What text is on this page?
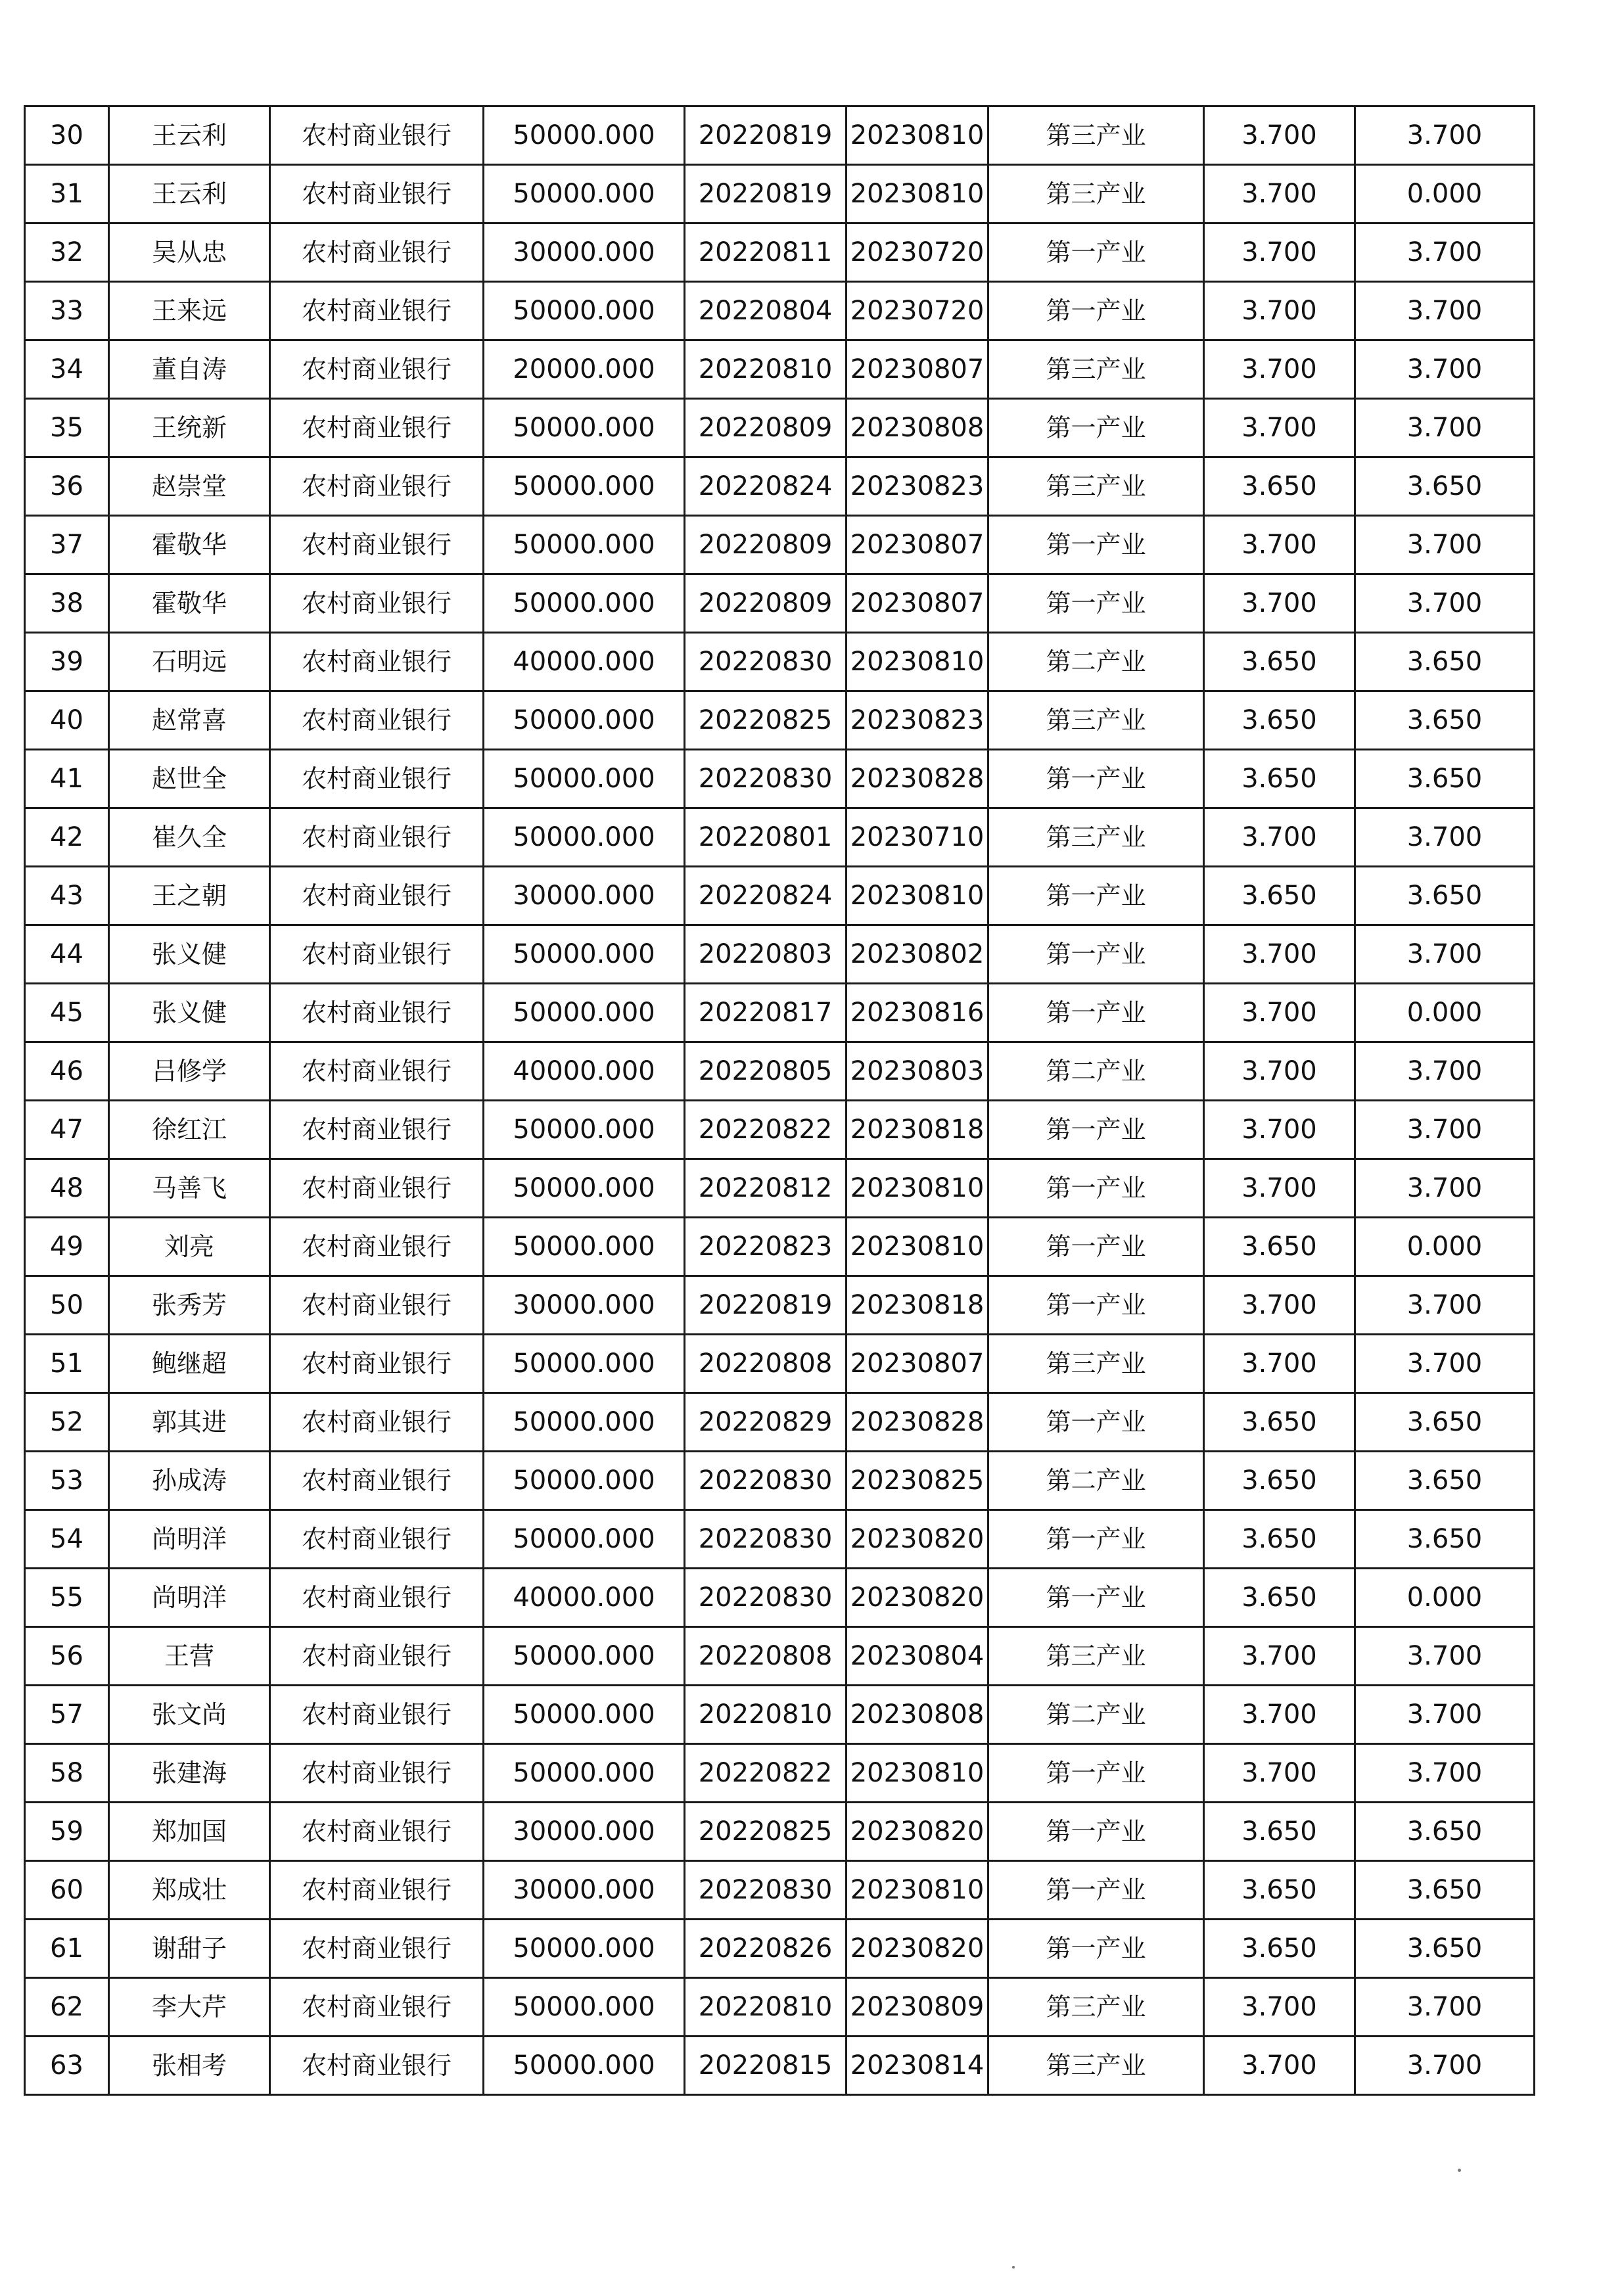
30	王云利	农村商业银行	50000.000	20220819	20230810	第三产业	3.700	3.700
31	王云利	农村商业银行	50000.000	20220819	20230810	第三产业	3.700	0.000
32	吴从忠	农村商业银行	30000.000	20220811	20230720	第一产业	3.700	3.700
33	王来远	农村商业银行	50000.000	20220804	20230720	第一产业	3.700	3.700
34	董自涛	农村商业银行	20000.000	20220810	20230807	第三产业	3.700	3.700
35	王统新	农村商业银行	50000.000	20220809	20230808	第一产业	3.700	3.700
36	赵崇堂	农村商业银行	50000.000	20220824	20230823	第三产业	3.650	3.650
37	霍敬华	农村商业银行	50000.000	20220809	20230807	第一产业	3.700	3.700
38	霍敬华	农村商业银行	50000.000	20220809	20230807	第一产业	3.700	3.700
39	石明远	农村商业银行	40000.000	20220830	20230810	第二产业	3.650	3.650
40	赵常喜	农村商业银行	50000.000	20220825	20230823	第三产业	3.650	3.650
41	赵世全	农村商业银行	50000.000	20220830	20230828	第一产业	3.650	3.650
42	崔久全	农村商业银行	50000.000	20220801	20230710	第三产业	3.700	3.700
43	王之朝	农村商业银行	30000.000	20220824	20230810	第一产业	3.650	3.650
44	张义健	农村商业银行	50000.000	20220803	20230802	第一产业	3.700	3.700
45	张义健	农村商业银行	50000.000	20220817	20230816	第一产业	3.700	0.000
46	吕修学	农村商业银行	40000.000	20220805	20230803	第二产业	3.700	3.700
47	徐红江	农村商业银行	50000.000	20220822	20230818	第一产业	3.700	3.700
48	马善飞	农村商业银行	50000.000	20220812	20230810	第一产业	3.700	3.700
49	刘亮	农村商业银行	50000.000	20220823	20230810	第一产业	3.650	0.000
50	张秀芳	农村商业银行	30000.000	20220819	20230818	第一产业	3.700	3.700
51	鲍继超	农村商业银行	50000.000	20220808	20230807	第三产业	3.700	3.700
52	郭其进	农村商业银行	50000.000	20220829	20230828	第一产业	3.650	3.650
53	孙成涛	农村商业银行	50000.000	20220830	20230825	第二产业	3.650	3.650
54	尚明洋	农村商业银行	50000.000	20220830	20230820	第一产业	3.650	3.650
55	尚明洋	农村商业银行	40000.000	20220830	20230820	第一产业	3.650	0.000
56	王营	农村商业银行	50000.000	20220808	20230804	第三产业	3.700	3.700
57	张文尚	农村商业银行	50000.000	20220810	20230808	第二产业	3.700	3.700
58	张建海	农村商业银行	50000.000	20220822	20230810	第一产业	3.700	3.700
59	郑加国	农村商业银行	30000.000	20220825	20230820	第一产业	3.650	3.650
60	郑成壮	农村商业银行	30000.000	20220830	20230810	第一产业	3.650	3.650
61	谢甜子	农村商业银行	50000.000	20220826	20230820	第一产业	3.650	3.650
62	李大芹	农村商业银行	50000.000	20220810	20230809	第三产业	3.700	3.700
63	张相考	农村商业银行	50000.000	20220815	20230814	第三产业	3.700	3.700
